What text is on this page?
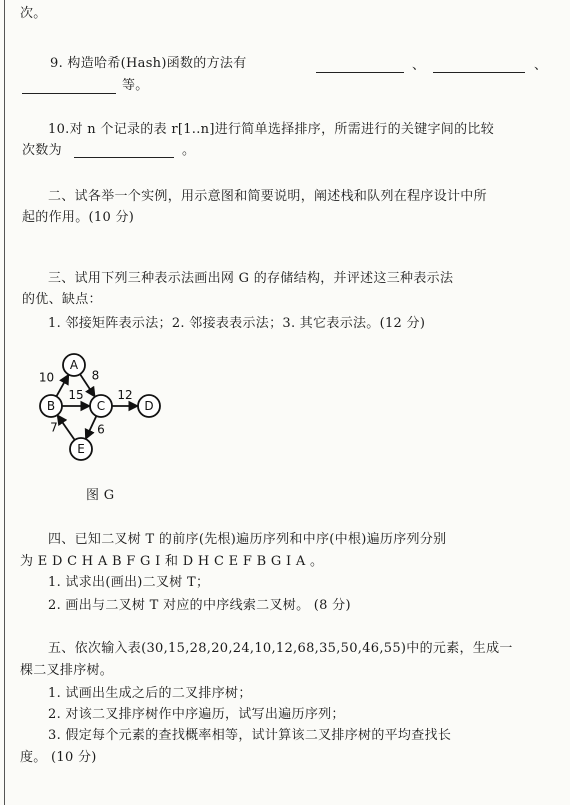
次。
9. 构造哈希(Hash)函数的方法有	、	、
等。
10.对 n 个记录的表 r[1..n]进行简单选择排序，所需进行的关键字间的比较
次数为	。
二、试各举一个实例，用示意图和简要说明，阐述栈和队列在程序设计中所
起的作用。(10 分)
三、试用下列三种表示法画出网 G 的存储结构，并评述这三种表示法
的优、缺点：
1. 邻接矩阵表示法；2. 邻接表表示法；3. 其它表示法。(12 分)
10	8
15	12
7	6
A
B	C	D
E
图 G
四、已知二叉树 T 的前序(先根)遍历序列和中序(中根)遍历序列分别
为 E D C H A B F G I 和 D H C E F B G I A 。
1. 试求出(画出)二叉树 T；
2. 画出与二叉树 T 对应的中序线索二叉树。 (8 分)
五、依次输入表(30,15,28,20,24,10,12,68,35,50,46,55)中的元素，生成一
棵二叉排序树。
1. 试画出生成之后的二叉排序树；
2. 对该二叉排序树作中序遍历，试写出遍历序列；
3. 假定每个元素的查找概率相等，试计算该二叉排序树的平均查找长
度。 (10 分)
